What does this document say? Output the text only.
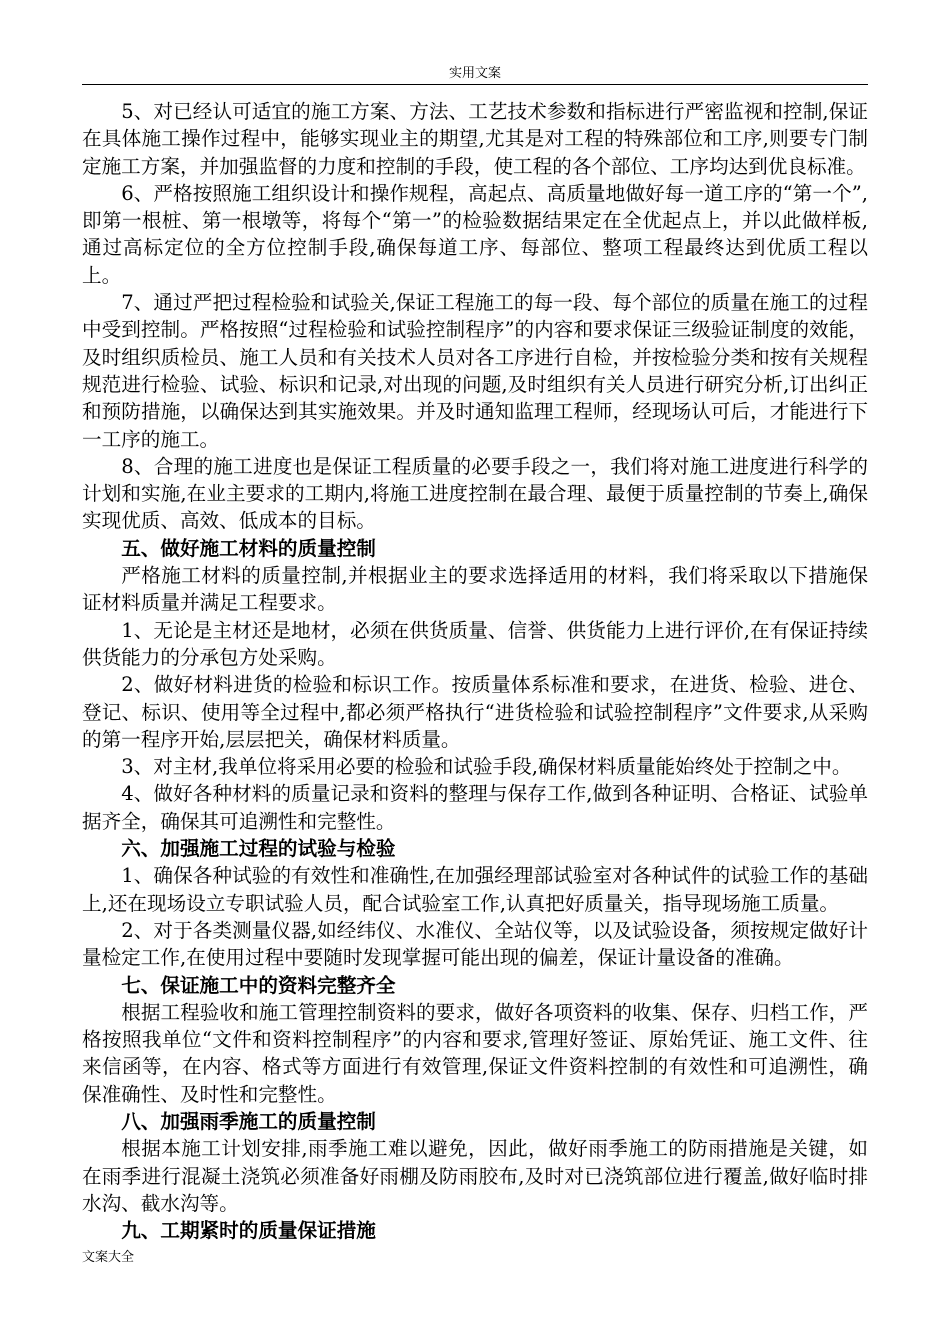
实用文案

5、对已经认可适宜的施工方案、方法、工艺技术参数和指标进行严密监视和控制,保证在具体施工操作过程中，能够实现业主的期望,尤其是对工程的特殊部位和工序,则要专门制定施工方案，并加强监督的力度和控制的手段，使工程的各个部位、工序均达到优良标准。

6、严格按照施工组织设计和操作规程，高起点、高质量地做好每一道工序的“第一个”,即第一根桩、第一根墩等，将每个“第一”的检验数据结果定在全优起点上，并以此做样板,通过高标定位的全方位控制手段,确保每道工序、每部位、整项工程最终达到优质工程以上。

7、通过严把过程检验和试验关,保证工程施工的每一段、每个部位的质量在施工的过程中受到控制。严格按照“过程检验和试验控制程序”的内容和要求保证三级验证制度的效能，及时组织质检员、施工人员和有关技术人员对各工序进行自检，并按检验分类和按有关规程规范进行检验、试验、标识和记录,对出现的问题,及时组织有关人员进行研究分析,订出纠正和预防措施，以确保达到其实施效果。并及时通知监理工程师，经现场认可后，才能进行下一工序的施工。

8、合理的施工进度也是保证工程质量的必要手段之一，我们将对施工进度进行科学的计划和实施,在业主要求的工期内,将施工进度控制在最合理、最便于质量控制的节奏上,确保实现优质、高效、低成本的目标。

五、做好施工材料的质量控制

严格施工材料的质量控制,并根据业主的要求选择适用的材料，我们将采取以下措施保证材料质量并满足工程要求。

1、无论是主材还是地材，必须在供货质量、信誉、供货能力上进行评价,在有保证持续供货能力的分承包方处采购。

2、做好材料进货的检验和标识工作。按质量体系标准和要求，在进货、检验、进仓、登记、标识、使用等全过程中,都必须严格执行“进货检验和试验控制程序”文件要求,从采购的第一程序开始,层层把关，确保材料质量。

3、对主材,我单位将采用必要的检验和试验手段,确保材料质量能始终处于控制之中。

4、做好各种材料的质量记录和资料的整理与保存工作,做到各种证明、合格证、试验单据齐全，确保其可追溯性和完整性。

六、加强施工过程的试验与检验

1、确保各种试验的有效性和准确性,在加强经理部试验室对各种试件的试验工作的基础上,还在现场设立专职试验人员，配合试验室工作,认真把好质量关，指导现场施工质量。

2、对于各类测量仪器,如经纬仪、水准仪、全站仪等，以及试验设备，须按规定做好计量检定工作,在使用过程中要随时发现掌握可能出现的偏差，保证计量设备的准确。

七、保证施工中的资料完整齐全

根据工程验收和施工管理控制资料的要求，做好各项资料的收集、保存、归档工作，严格按照我单位“文件和资料控制程序”的内容和要求,管理好签证、原始凭证、施工文件、往来信函等，在内容、格式等方面进行有效管理,保证文件资料控制的有效性和可追溯性，确保准确性、及时性和完整性。

八、加强雨季施工的质量控制

根据本施工计划安排,雨季施工难以避免，因此，做好雨季施工的防雨措施是关键，如在雨季进行混凝土浇筑必须准备好雨棚及防雨胶布,及时对已浇筑部位进行覆盖,做好临时排水沟、截水沟等。

九、工期紧时的质量保证措施
文案大全
